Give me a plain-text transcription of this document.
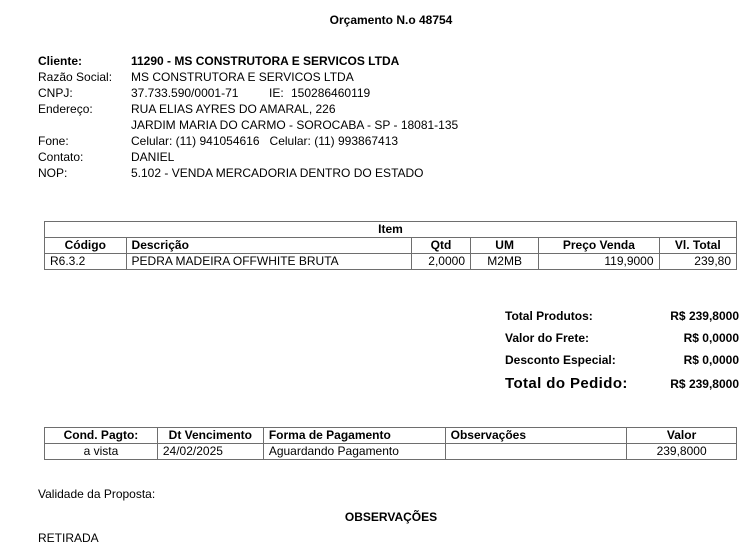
Orçamento N.o 48754
Cliente:	11290 - MS CONSTRUTORA E SERVICOS LTDA
Razão Social:	MS CONSTRUTORA E SERVICOS LTDA
CNPJ:	37.733.590/0001-71 IE: 150286460119
Endereço:	RUA ELIAS AYRES DO AMARAL, 226
	JARDIM MARIA DO CARMO - SOROCABA - SP - 18081-135
Fone:	Celular: (11) 941054616   Celular: (11) 993867413
Contato:	DANIEL
NOP:	5.102 - VENDA MERCADORIA DENTRO DO ESTADO
Item					
Código	Descrição	Qtd	UM	Preço Venda	Vl. Total
R6.3.2	PEDRA MADEIRA OFFWHITE BRUTA	2,0000	M2MB	119,9000	239,80
Total Produtos:	R$ 239,8000
Valor do Frete:	R$ 0,0000
Desconto Especial:	R$ 0,0000
Total do Pedido:	R$ 239,8000
Cond. Pagto:	Dt Vencimento	Forma de Pagamento	Observações	Valor
a vista	24/02/2025	Aguardando Pagamento		239,8000
Validade da Proposta:
OBSERVAÇÕES
RETIRADA
